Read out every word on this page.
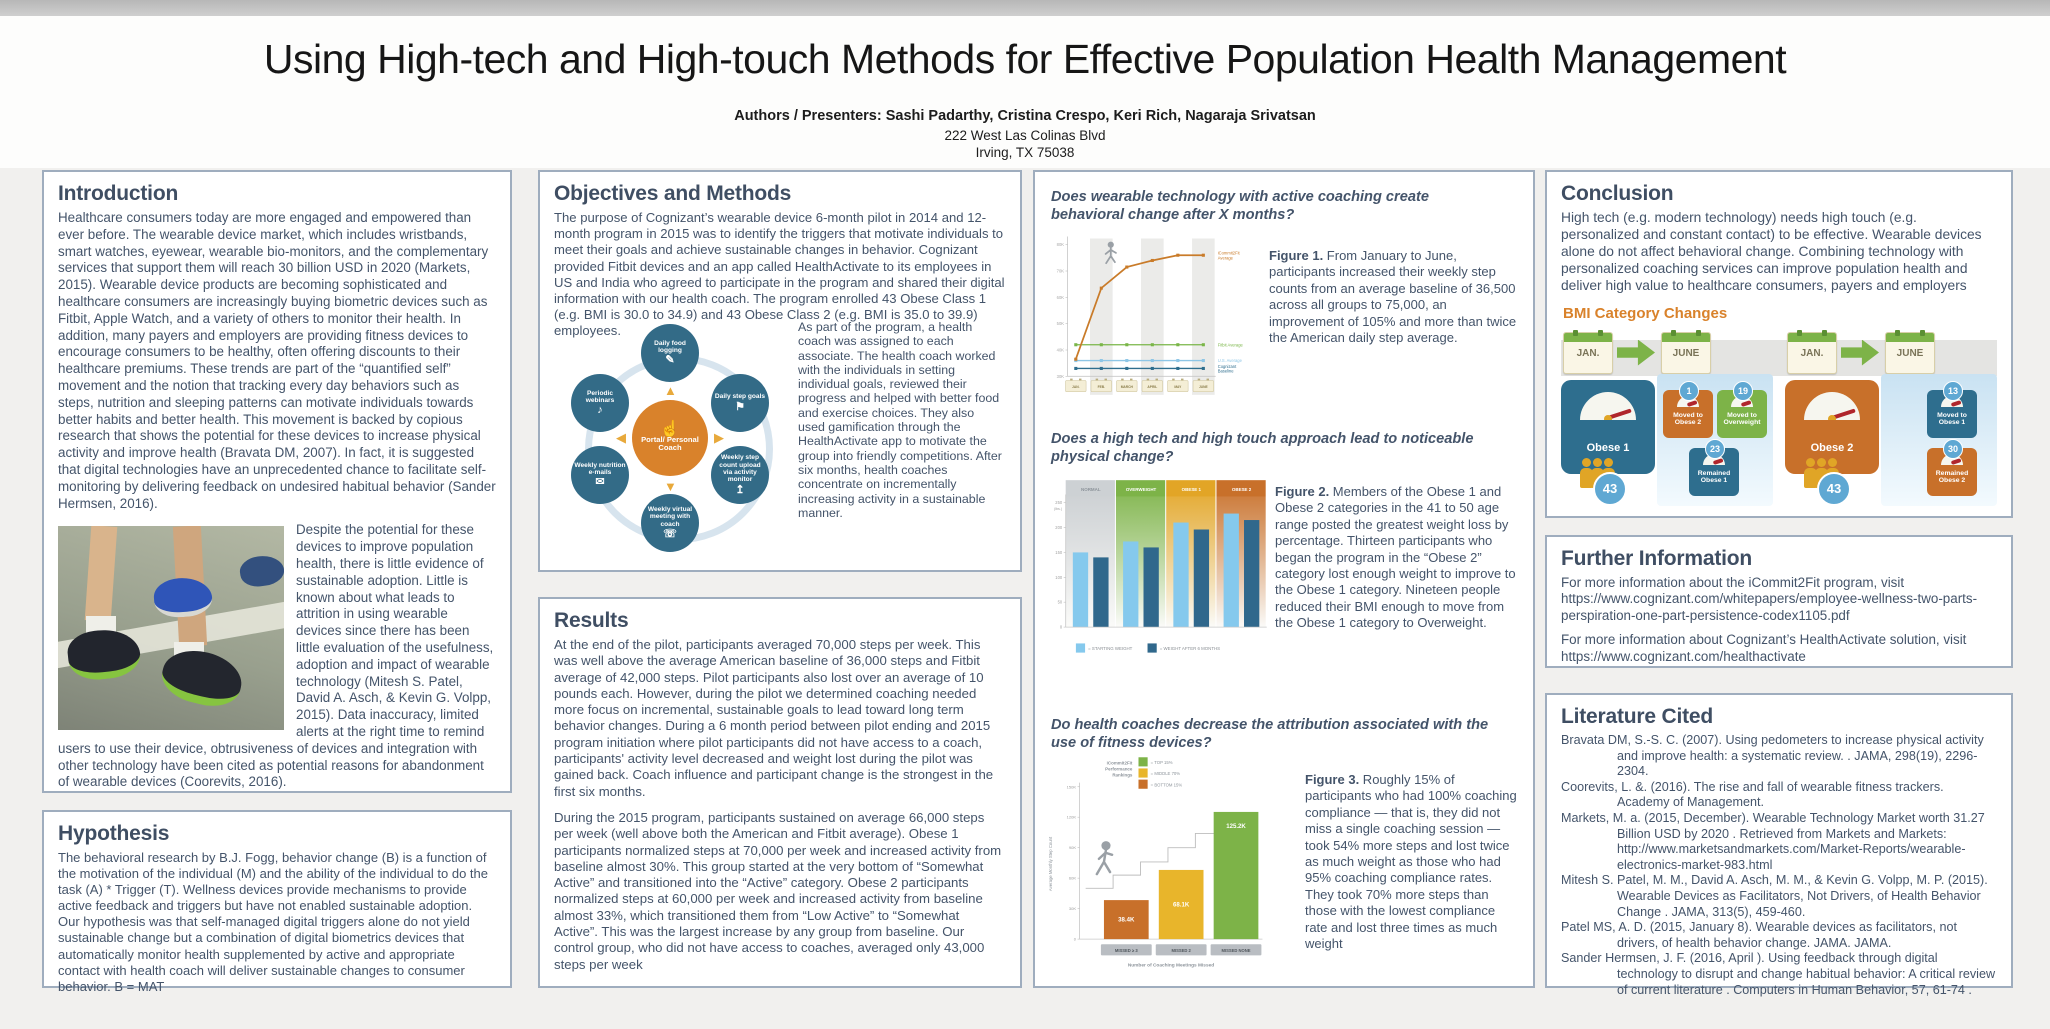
Using High-tech and High-touch Methods for Effective Population Health Management
Authors / Presenters: Sashi Padarthy, Cristina Crespo, Keri Rich, Nagaraja Srivatsan
222 West Las Colinas Blvd
Irving, TX 75038
Introduction

Healthcare consumers today are more engaged and empowered than ever before. The wearable device market, which includes wristbands, smart watches, eyewear, wearable bio-monitors, and the complementary services that support them will reach 30 billion USD in 2020 (Markets, 2015). Wearable device products are becoming sophisticated and healthcare consumers are increasingly buying biometric devices such as Fitbit, Apple Watch, and a variety of others to monitor their health. In addition, many payers and employers are providing fitness devices to encourage consumers to be healthy, often offering discounts to their healthcare premiums. These trends are part of the “quantified self” movement and the notion that tracking every day behaviors such as steps, nutrition and sleeping patterns can motivate individuals towards better habits and better health. This movement is backed by copious research that shows the potential for these devices to increase physical activity and improve health (Bravata DM, 2007). In fact, it is suggested that digital technologies have an unprecedented chance to facilitate self-monitoring by delivering feedback on undesired habitual behavior (Sander Hermsen, 2016).

Despite the potential for these devices to improve population health, there is little evidence of sustainable adoption. Little is known about what leads to attrition in using wearable devices since there has been little evaluation of the usefulness, adoption and impact of wearable technology (Mitesh S. Patel, David A. Asch, & Kevin G. Volpp, 2015). Data inaccuracy, limited alerts at the right time to remind users to use their device, obtrusiveness of devices and integration with other technology have been cited as potential reasons for abandonment of wearable devices (Coorevits, 2016).

Hypothesis

The behavioral research by B.J. Fogg, behavior change (B) is a function of the motivation of the individual (M) and the ability of the individual to do the task (A) * Trigger (T). Wellness devices provide mechanisms to provide active feedback and triggers but have not enabled sustainable adoption. Our hypothesis was that self-managed digital triggers alone do not yield sustainable change but a combination of digital biometrics devices that automatically monitor health supplemented by active and appropriate contact with health coach will deliver sustainable changes to consumer behavior. B = MAT

Objectives and Methods

The purpose of Cognizant’s wearable device 6-month pilot in 2014 and 12-month program in 2015 was to identify the triggers that motivate individuals to meet their goals and achieve sustainable changes in behavior. Cognizant provided Fitbit devices and an app called HealthActivate to its employees in US and India who agreed to participate in the program and shared their digital information with our health coach. The program enrolled 43 Obese Class 1 (e.g. BMI is 30.0 to 34.9) and 43 Obese Class 2 (e.g. BMI is 35.0 to 39.9) employees.

Daily food logging
✎
Daily step goals
⚑
Weekly step count upload via activity monitor
↥
Weekly virtual meeting with coach
☏
Weekly nutrition e-mails
✉
Periodic webinars
♪
☝
Portal/ Personal Coach
▲
▶
▼
◀
As part of the program, a health coach was assigned to each associate. The health coach worked with the individuals in setting individual goals, reviewed their progress and helped with better food and exercise choices. They also used gamification through the HealthActivate app to motivate the group into friendly competitions. After six months, health coaches concentrate on incrementally increasing activity in a sustainable manner.
Results

At the end of the pilot, participants averaged 70,000 steps per week. This was well above the average American baseline of 36,000 steps and Fitbit average of 42,000 steps. Pilot participants also lost over an average of 10 pounds each. However, during the pilot we determined coaching needed more focus on incremental, sustainable goals to lead toward long term behavior changes. During a 6 month period between pilot ending and 2015 program initiation where pilot participants did not have access to a coach, participants' activity level decreased and weight lost during the pilot was gained back. Coach influence and participant change is the strongest in the first six months.

During the 2015 program, participants sustained on average 66,000 steps per week (well above both the American and Fitbit average). Obese 1 participants normalized steps at 70,000 per week and increased activity from baseline almost 30%. This group started at the very bottom of “Somewhat Active” and transitioned into the “Active” category. Obese 2 participants normalized steps at 60,000 per week and increased activity from baseline almost 33%, which transitioned them from “Low Active” to “Somewhat Active”. This was the largest increase by any group from baseline. Our control group, who did not have access to coaches, averaged only 43,000 steps per week

Does wearable technology with active coaching create behavioral change after X months?
30K
40K
50K
60K
70K
80K
Cognizant Baseline
U.S. Average
Fitbit Average
iCommit2Fit Average
JAN.	FEB.	MARCH	APRIL	MAY	JUNE
Figure 1. From January to June, participants increased their weekly step counts from an average baseline of 36,500 across all groups to 75,000, an improvement of 105% and more than twice the American daily step average.
Does a high tech and high touch approach lead to noticeable physical change?
NORMAL	OVERWEIGHT	OBESE 1	OBESE 2
0
50
100
150
200
250
(lbs.)
= STARTING WEIGHT	= WEIGHT AFTER 6 MONTHS
Figure 2. Members of the Obese 1 and Obese 2 categories in the 41 to 50 age range posted the greatest weight loss by percentage. Thirteen participants who began the program in the “Obese 2” category lost enough weight to improve to the Obese 1 category. Nineteen people reduced their BMI enough to move from the Obese 1 category to Overweight.
Do health coaches decrease the attribution associated with the use of fitness devices?
0
30K
60K
90K
120K
150K
Average Monthly Step Count
38.4K
MISSED ≥ 3
68.1K
MISSED 2
125.2K
MISSED NONE
Number of Coaching Meetings Missed
iCommit2Fit
Performance
Rankings
= TOP 15%
= MIDDLE 70%
= BOTTOM 15%	Figure 3. Roughly 15% of participants who had 100% coaching compliance — that is, they did not miss a single coaching session — took 54% more steps and lost twice as much weight as those who had 95% coaching compliance rates. They took 70% more steps than those with the lowest compliance rate and lost three times as much weight
Conclusion

High tech (e.g. modern technology) needs high touch (e.g. personalized and constant contact) to be effective. Wearable devices alone do not affect behavioral change. Combining technology with personalized coaching services can improve population health and deliver high value to healthcare consumers, payers and employers

BMI Category Changes
JAN.	JUNE
Obese 1
43
Moved to Obese 2
1
Moved to Overweight
19
Remained Obese 1
23
JAN.	JUNE
Obese 2
43
Moved to Obese 1
13
Remained Obese 2
30
Further Information

For more information about the iCommit2Fit program, visit https://www.cognizant.com/whitepapers/employee-wellness-two-parts-perspiration-one-part-persistence-codex1105.pdf

For more information about Cognizant’s HealthActivate solution, visit https://www.cognizant.com/healthactivate

Literature Cited

Bravata DM, S.-S. C. (2007). Using pedometers to increase physical activity and improve health: a systematic review. . JAMA, 298(19), 2296-2304.

Coorevits, L. &. (2016). The rise and fall of wearable fitness trackers. Academy of Management.

Markets, M. a. (2015, December). Wearable Technology Market worth 31.27 Billion USD by 2020 . Retrieved from Markets and Markets: http://www.marketsandmarkets.com/Market-Reports/wearable-electronics-market-983.html

Mitesh S. Patel, M. M., David A. Asch, M. M., & Kevin G. Volpp, M. P. (2015). Wearable Devices as Facilitators, Not Drivers, of Health Behavior Change . JAMA, 313(5), 459-460.

Patel MS, A. D. (2015, January 8). Wearable devices as facilitators, not drivers, of health behavior change. JAMA. JAMA.

Sander Hermsen, J. F. (2016, April ). Using feedback through digital technology to disrupt and change habitual behavior: A critical review of current literature . Computers in Human Behavior, 57, 61-74 .
